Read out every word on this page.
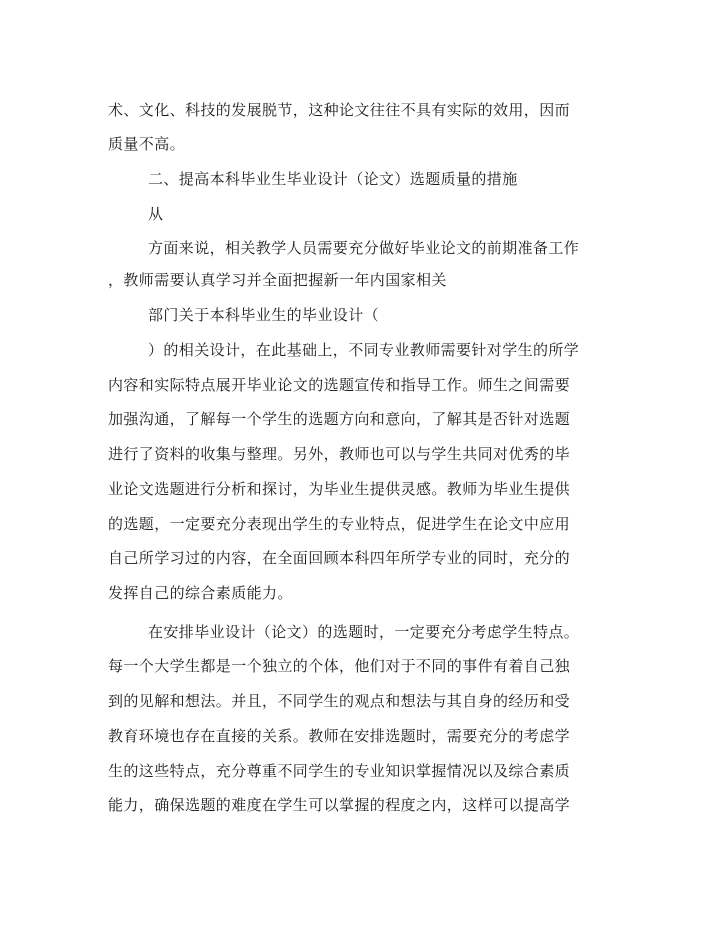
术、文化、科技的发展脱节，这种论文往往不具有实际的效用，因而
质量不高。
二、提高本科毕业生毕业设计（论文）选题质量的措施
从
方面来说，相关教学人员需要充分做好毕业论文的前期准备工作
，教师需要认真学习并全面把握新一年内国家相关
部门关于本科毕业生的毕业设计（
）的相关设计，在此基础上，不同专业教师需要针对学生的所学
内容和实际特点展开毕业论文的选题宣传和指导工作。师生之间需要
加强沟通，了解每一个学生的选题方向和意向，了解其是否针对选题
进行了资料的收集与整理。另外，教师也可以与学生共同对优秀的毕
业论文选题进行分析和探讨，为毕业生提供灵感。教师为毕业生提供
的选题，一定要充分表现出学生的专业特点，促进学生在论文中应用
自己所学习过的内容，在全面回顾本科四年所学专业的同时，充分的
发挥自己的综合素质能力。
在安排毕业设计（论文）的选题时，一定要充分考虑学生特点。
每一个大学生都是一个独立的个体，他们对于不同的事件有着自己独
到的见解和想法。并且，不同学生的观点和想法与其自身的经历和受
教育环境也存在直接的关系。教师在安排选题时，需要充分的考虑学
生的这些特点，充分尊重不同学生的专业知识掌握情况以及综合素质
能力，确保选题的难度在学生可以掌握的程度之内，这样可以提高学
